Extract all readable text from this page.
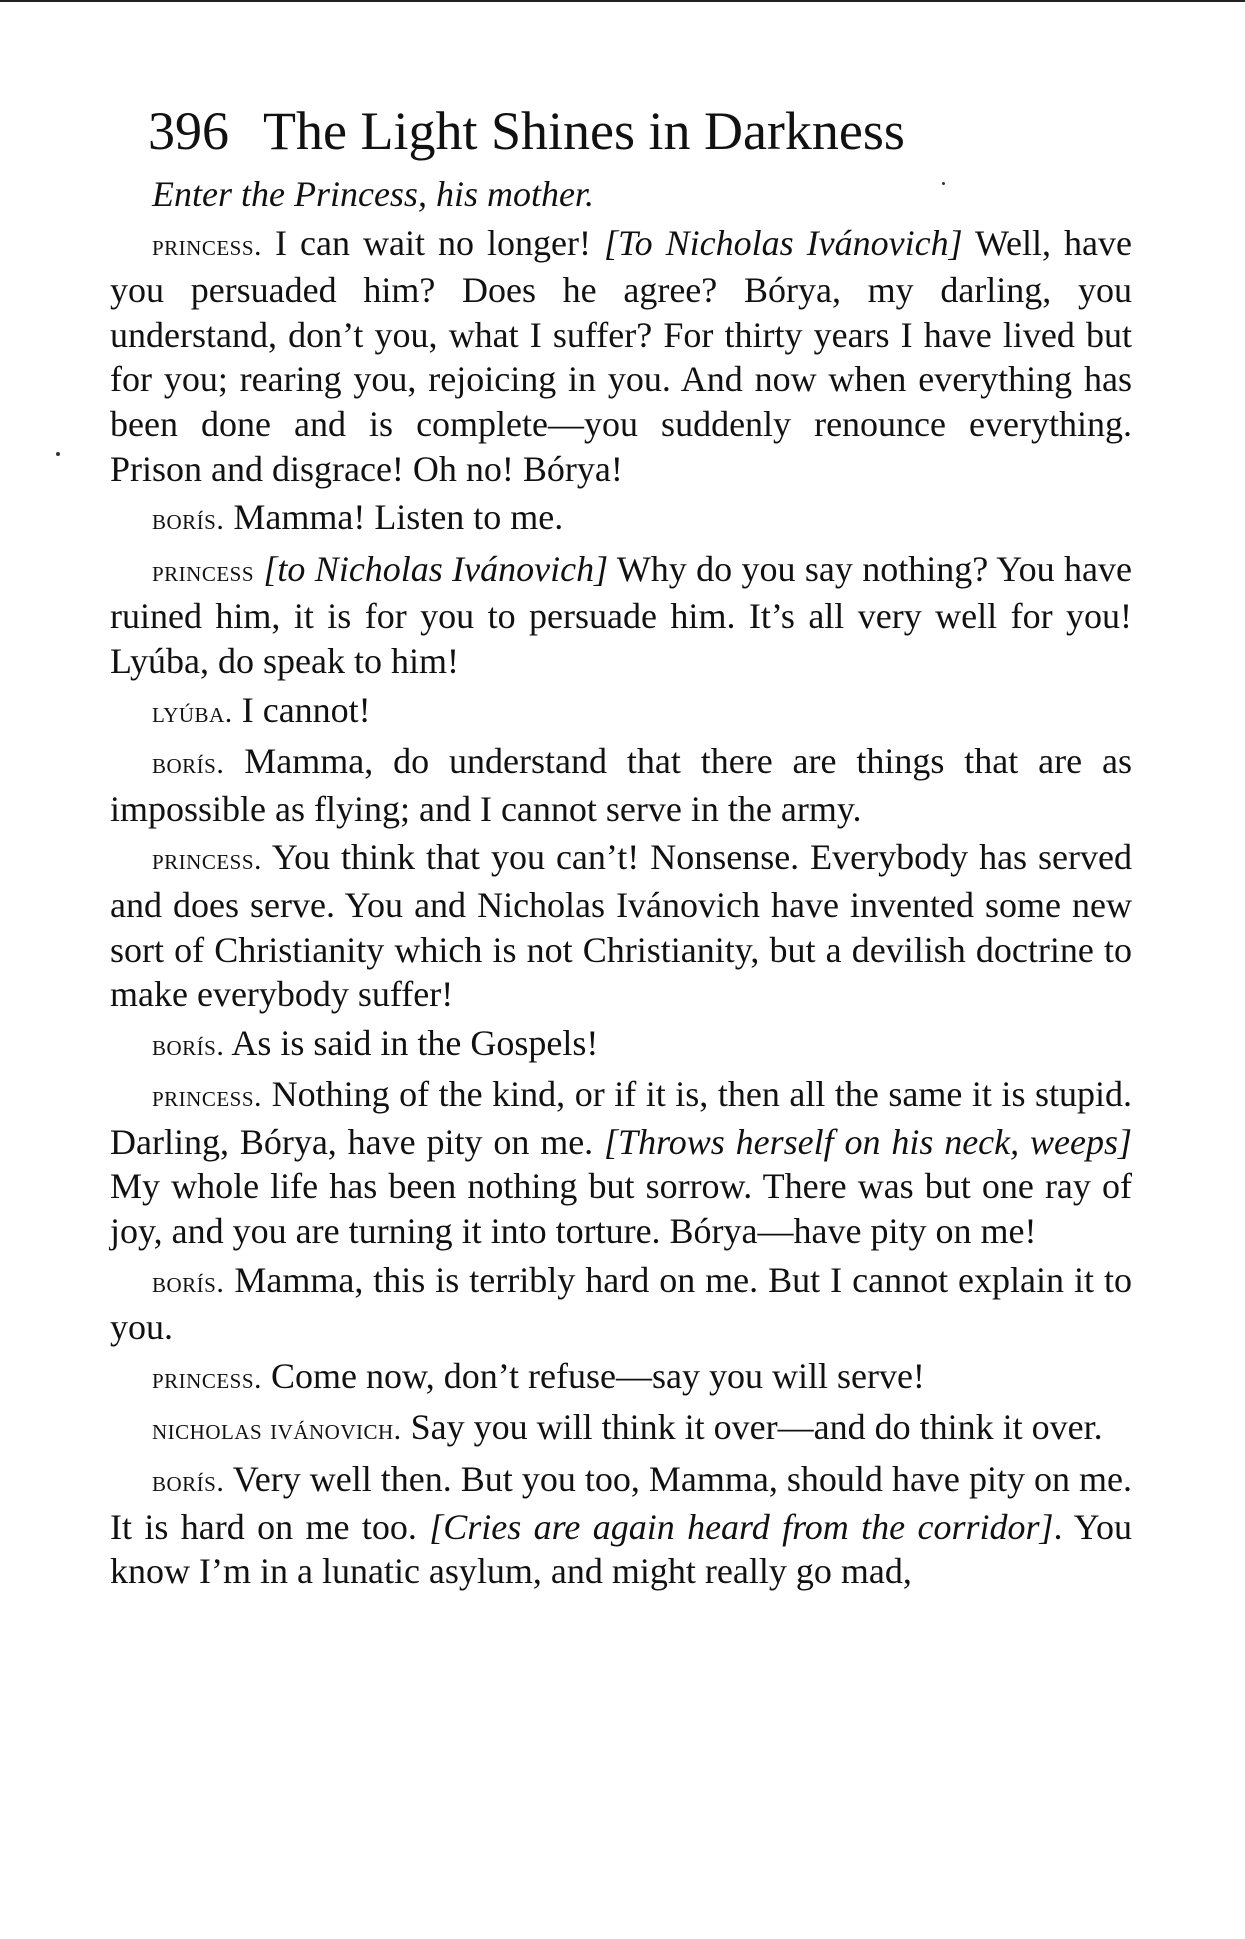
396 The Light Shines in Darkness

Enter the Princess, his mother.

princess. I can wait no longer! [To Nicholas Ivánovich] Well, have you persuaded him? Does he agree? Bórya, my darling, you understand, don’t you, what I suffer? For thirty years I have lived but for you; rearing you, rejoicing in you. And now when everything has been done and is complete—you suddenly renounce everything. Prison and disgrace! Oh no! Bórya!

borís. Mamma! Listen to me.

princess [to Nicholas Ivánovich] Why do you say nothing? You have ruined him, it is for you to persuade him. It’s all very well for you! Lyúba, do speak to him!

lyúba. I cannot!

borís. Mamma, do understand that there are things that are as impossible as flying; and I cannot serve in the army.

princess. You think that you can’t! Nonsense. Everybody has served and does serve. You and Nicholas Ivánovich have invented some new sort of Christianity which is not Christianity, but a devilish doctrine to make everybody suffer!

borís. As is said in the Gospels!

princess. Nothing of the kind, or if it is, then all the same it is stupid. Darling, Bórya, have pity on me. [Throws herself on his neck, weeps] My whole life has been nothing but sorrow. There was but one ray of joy, and you are turning it into torture. Bórya—have pity on me!

borís. Mamma, this is terribly hard on me. But I cannot explain it to you.

princess. Come now, don’t refuse—say you will serve!

nicholas ivánovich. Say you will think it over—and do think it over.

borís. Very well then. But you too, Mamma, should have pity on me. It is hard on me too. [Cries are again heard from the corridor]. You know I’m in a lunatic asylum, and might really go mad,
